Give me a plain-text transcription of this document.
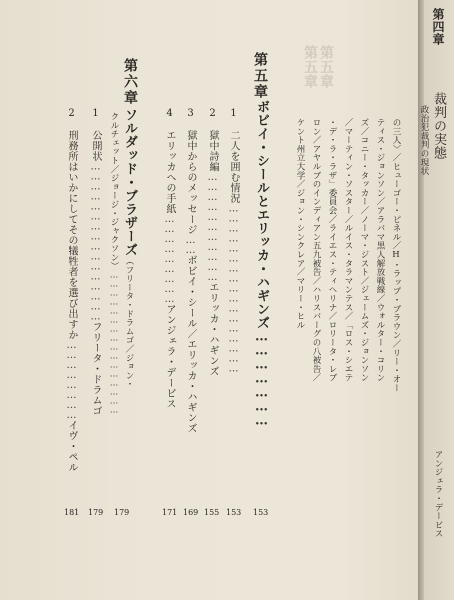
第五章 第五章
の三人〉／ヒューゴー・ピネル／H・ラップ・ブラウン／リー・オー
ティス・ジョンソン／アラバマ黒人解放戦線／ウォルター・コリン
ズ／コニー・タッカー／ノーマ・ジスト／ジェームズ・ジョンソン
／マーティン・ソスター／ルイス・タラマンテス／「ロス・シエテ
・デ・ラ・ラザ」委員会／ライエス・ティヘリナ／ロリータ・レブ
ロン／アヤルブのインディアン五九被告／ハリスバーグの八被告／
ケント州立大学／ジョン・シンクレア／マリー・ヒル
第五章
ボビイ・シールとエリッカ・ハギンズ…………………
153
1　二人を囲む情況……………………………………………
153
2　獄中詩編……………………………エリッカ・ハギンズ
155
3　獄中からのメッセージ……ボビイ・シール／エリッカ・ハギンズ
169
4　エリッカへの手紙………………………アンジェラ・デービス
171
第六章
ソルダッド・ブラザーズ（フリータ・ドラムゴ／ジョン・
クルチェット／ジョージ・ジャクソン）…………………………………………
179
1　公開状…………………………………………フリータ・ドラムゴ
179
2　刑務所はいかにしてその犠牲者を選び出すか……………………イヴ・ペル
181
第四章
裁判の実態
政治犯裁判の現状
アンジェラ・デービス
